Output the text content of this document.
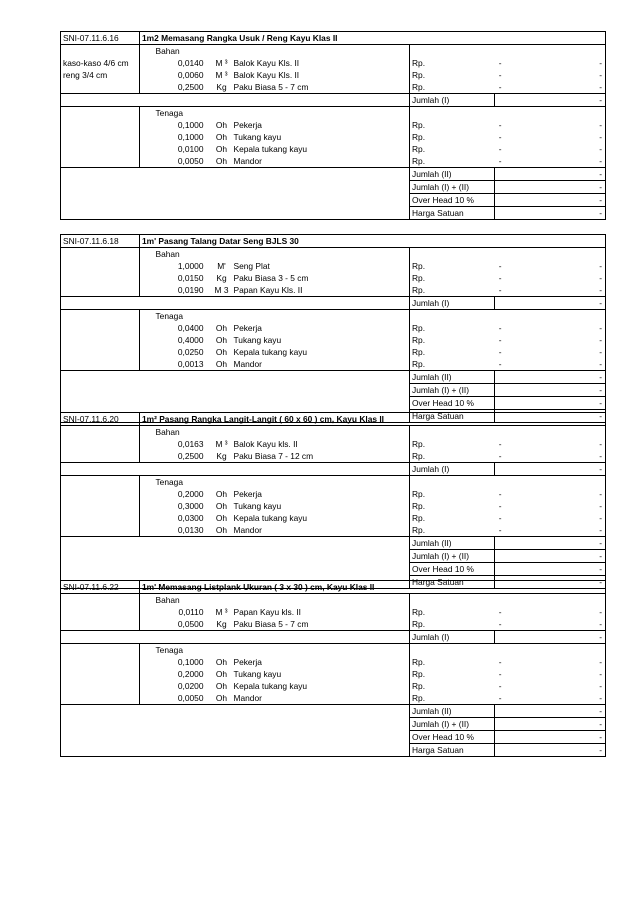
SNI-07.11.6.16	1m2 Memasang Rangka Usuk / Reng Kayu Klas II						
		Bahan					
kaso-kaso 4/6 cm		0,0140	M ³	Balok Kayu Kls. II	Rp.	-	-
reng 3/4 cm		0,0060	M ³	Balok Kayu Kls. II	Rp.	-	-
		0,2500	Kg	Paku Biasa 5 - 7 cm	Rp.	-	-
					Jumlah (I)		-
		Tenaga					
		0,1000	Oh	Pekerja	Rp.	-	-
		0,1000	Oh	Tukang kayu	Rp.	-	-
		0,0100	Oh	Kepala tukang kayu	Rp.	-	-
		0,0050	Oh	Mandor	Rp.	-	-
					Jumlah (II)		-
					Jumlah (I) + (II)		-
					Over Head 10 %		-
					Harga Satuan		-
SNI-07.11.6.18	1m' Pasang Talang Datar Seng BJLS 30						
		Bahan					
		1,0000	M'	Seng Plat	Rp.	-	-
		0,0150	Kg	Paku Biasa 3 - 5 cm	Rp.	-	-
		0,0190	M 3	Papan Kayu Kls. II	Rp.	-	-
					Jumlah (I)		-
		Tenaga					
		0,0400	Oh	Pekerja	Rp.	-	-
		0,4000	Oh	Tukang kayu	Rp.	-	-
		0,0250	Oh	Kepala tukang kayu	Rp.	-	-
		0,0013	Oh	Mandor	Rp.	-	-
					Jumlah (II)		-
					Jumlah (I) + (II)		-
					Over Head 10 %		-
					Harga Satuan		-
SNI-07.11.6.20	1m² Pasang Rangka Langit-Langit ( 60 x 60 ) cm, Kayu Klas II						
		Bahan					
		0,0163	M ³	Balok Kayu kls. II	Rp.	-	-
		0,2500	Kg	Paku Biasa 7 - 12 cm	Rp.	-	-
					Jumlah (I)		-
		Tenaga					
		0,2000	Oh	Pekerja	Rp.	-	-
		0,3000	Oh	Tukang kayu	Rp.	-	-
		0,0300	Oh	Kepala tukang kayu	Rp.	-	-
		0,0130	Oh	Mandor	Rp.	-	-
					Jumlah (II)		-
					Jumlah (I) + (II)		-
					Over Head 10 %		-
					Harga Satuan		-
SNI-07.11.6.22	1m' Memasang Listplank Ukuran ( 3 x 30 ) cm, Kayu Klas II						
		Bahan					
		0,0110	M ³	Papan Kayu kls. II	Rp.	-	-
		0,0500	Kg	Paku Biasa 5 - 7 cm	Rp.	-	-
					Jumlah (I)		-
		Tenaga					
		0,1000	Oh	Pekerja	Rp.	-	-
		0,2000	Oh	Tukang kayu	Rp.	-	-
		0,0200	Oh	Kepala tukang kayu	Rp.	-	-
		0,0050	Oh	Mandor	Rp.	-	-
					Jumlah (II)		-
					Jumlah (I) + (II)		-
					Over Head 10 %		-
					Harga Satuan		-
